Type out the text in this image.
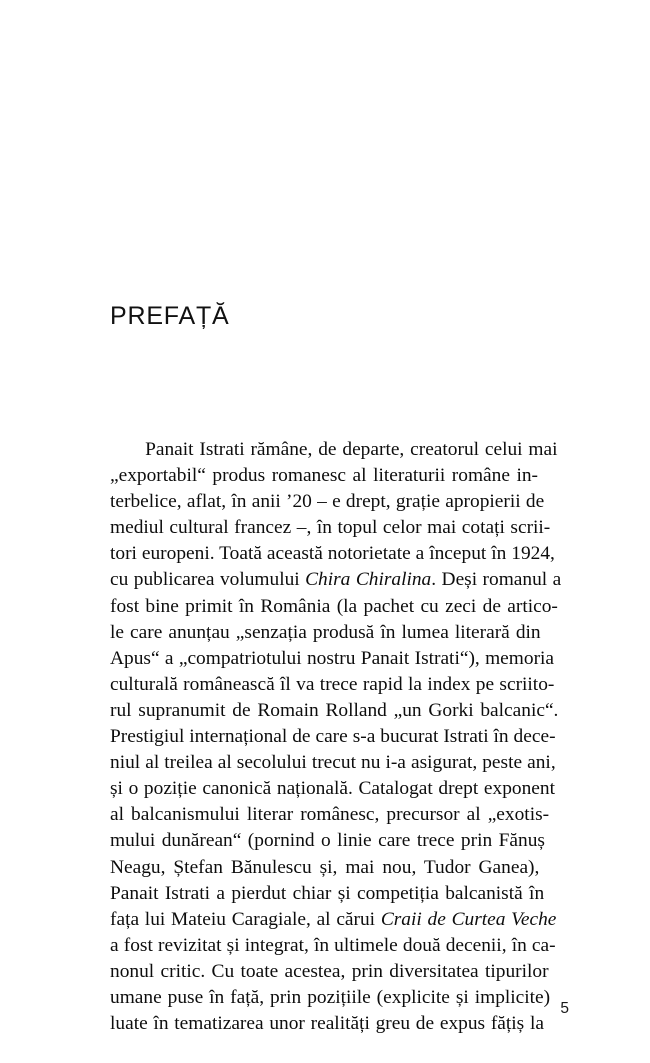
PREFAȚĂ
Panait Istrati rămâne, de departe, creatorul celui mai
„exportabil“ produs romanesc al literaturii române in-
terbelice, aflat, în anii ’20 – e drept, grație apropierii de
mediul cultural francez –, în topul celor mai cotați scrii-
tori europeni. Toată această notorietate a început în 1924,
cu publicarea volumului Chira Chiralina. Deși romanul a
fost bine primit în România (la pachet cu zeci de artico-
le care anunțau „senzația produsă în lumea literară din
Apus“ a „compatriotului nostru Panait Istrati“), memoria
culturală românească îl va trece rapid la index pe scriito-
rul supranumit de Romain Rolland „un Gorki balcanic“.
Prestigiul internațional de care s-a bucurat Istrati în dece-
niul al treilea al secolului trecut nu i-a asigurat, peste ani,
și o poziție canonică națională. Catalogat drept exponent
al balcanismului literar românesc, precursor al „exotis-
mului dunărean“ (pornind o linie care trece prin Fănuș
Neagu, Ștefan Bănulescu și, mai nou, Tudor Ganea),
Panait Istrati a pierdut chiar și competiția balcanistă în
fața lui Mateiu Caragiale, al cărui Craii de Curtea Veche
a fost revizitat și integrat, în ultimele două decenii, în ca-
nonul critic. Cu toate acestea, prin diversitatea tipurilor
umane puse în față, prin pozițiile (explicite și implicite)
luate în tematizarea unor realități greu de expus fățiș la
5
